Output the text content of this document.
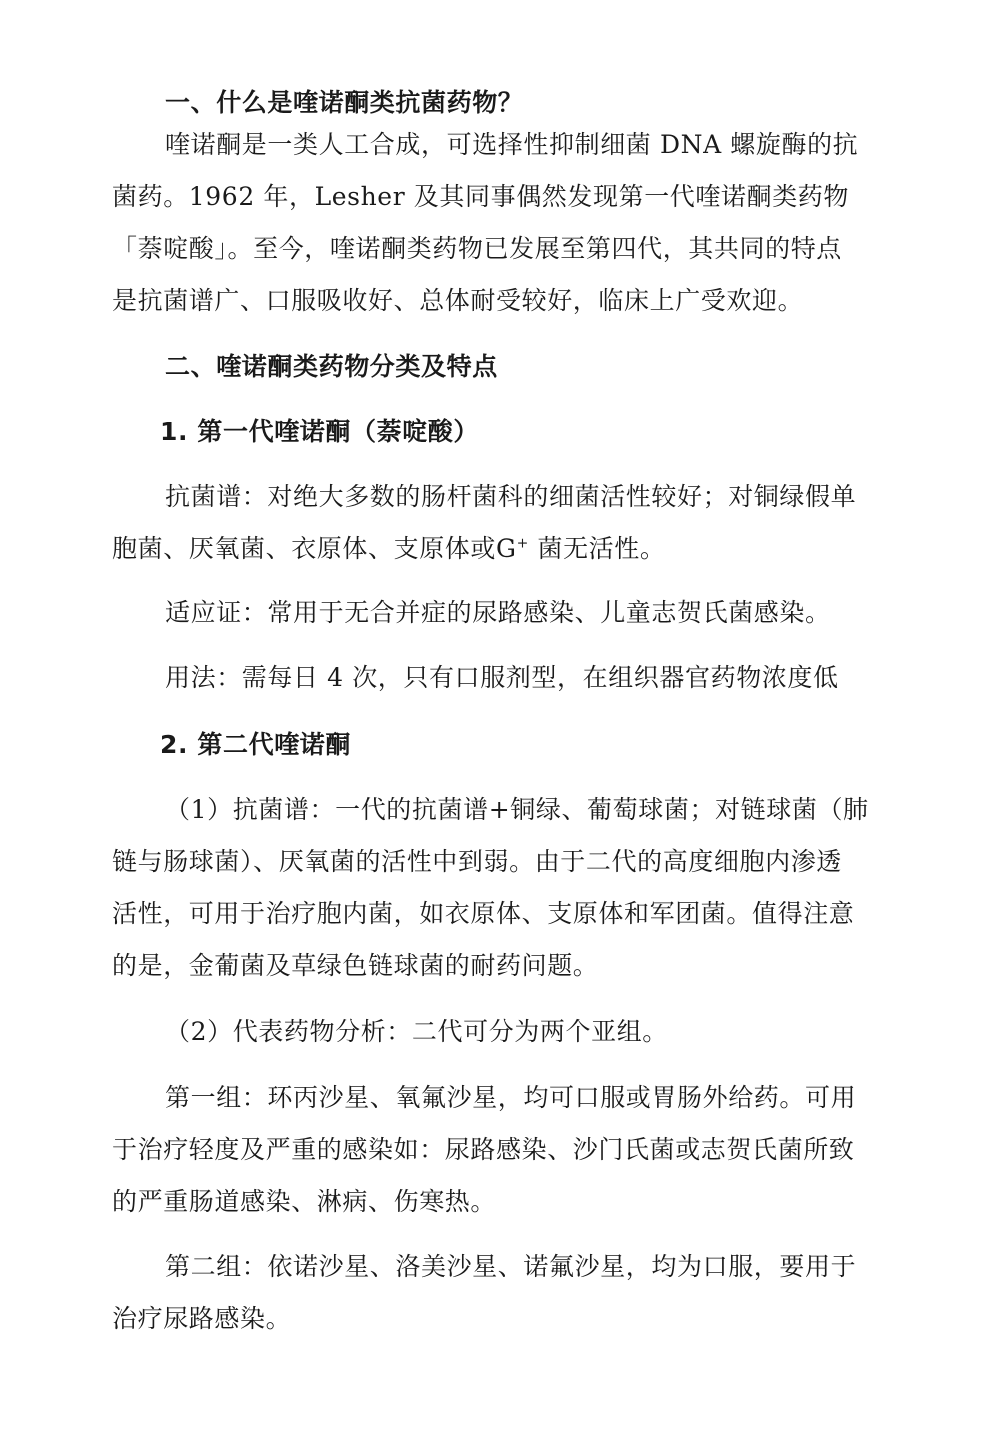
一、什么是喹诺酮类抗菌药物？
喹诺酮是一类人工合成，可选择性抑制细菌 DNA 螺旋酶的抗
菌药。1962 年，Lesher 及其同事偶然发现第一代喹诺酮类药物
「萘啶酸」。至今，喹诺酮类药物已发展至第四代，其共同的特点
是抗菌谱广、口服吸收好、总体耐受较好，临床上广受欢迎。
二、喹诺酮类药物分类及特点
1. 第一代喹诺酮（萘啶酸）
抗菌谱：对绝大多数的肠杆菌科的细菌活性较好；对铜绿假单
胞菌、厌氧菌、衣原体、支原体或G+ 菌无活性。
适应证：常用于无合并症的尿路感染、儿童志贺氏菌感染。
用法：需每日 4 次，只有口服剂型，在组织器官药物浓度低
2. 第二代喹诺酮
（1）抗菌谱：一代的抗菌谱+铜绿、葡萄球菌；对链球菌（肺
链与肠球菌）、厌氧菌的活性中到弱。由于二代的高度细胞内渗透
活性，可用于治疗胞内菌，如衣原体、支原体和军团菌。值得注意
的是，金葡菌及草绿色链球菌的耐药问题。
（2）代表药物分析：二代可分为两个亚组。
第一组：环丙沙星、氧氟沙星，均可口服或胃肠外给药。可用
于治疗轻度及严重的感染如：尿路感染、沙门氏菌或志贺氏菌所致
的严重肠道感染、淋病、伤寒热。
第二组：依诺沙星、洛美沙星、诺氟沙星，均为口服，要用于
治疗尿路感染。
